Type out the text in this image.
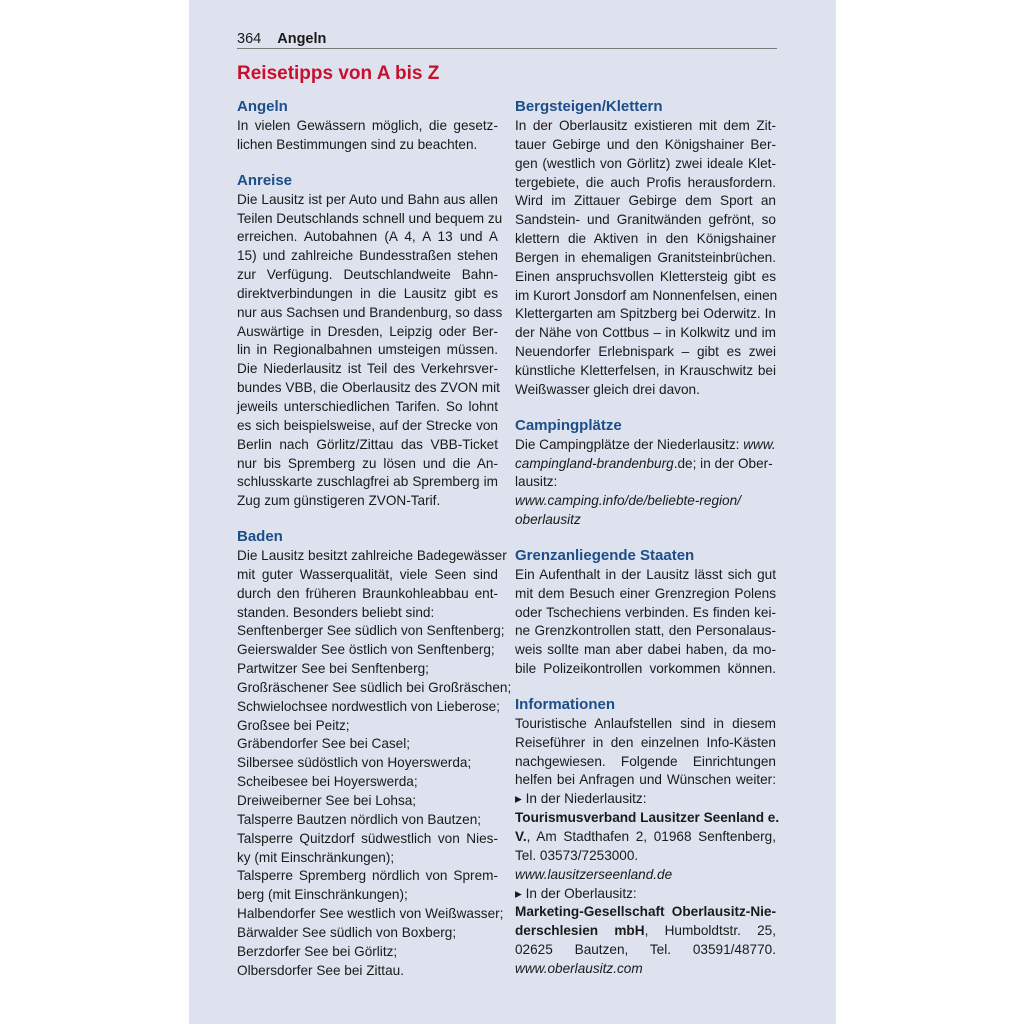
364 Angeln
Reisetipps von A bis Z
Angeln
In vielen Gewässern möglich, die gesetz-
lichen Bestimmungen sind zu beachten.
Anreise
Die Lausitz ist per Auto und Bahn aus allen
Teilen Deutschlands schnell und bequem zu
erreichen. Autobahnen (A 4, A 13 und A
15) und zahlreiche Bundesstraßen stehen
zur Verfügung. Deutschlandweite Bahn-
direktverbindungen in die Lausitz gibt es
nur aus Sachsen und Brandenburg, so dass
Auswärtige in Dresden, Leipzig oder Ber-
lin in Regionalbahnen umsteigen müssen.
Die Niederlausitz ist Teil des Verkehrsver-
bundes VBB, die Oberlausitz des ZVON mit
jeweils unterschiedlichen Tarifen. So lohnt
es sich beispielsweise, auf der Strecke von
Berlin nach Görlitz/Zittau das VBB-Ticket
nur bis Spremberg zu lösen und die An-
schlusskarte zuschlagfrei ab Spremberg im
Zug zum günstigeren ZVON-Tarif.
Baden
Die Lausitz besitzt zahlreiche Badegewässer
mit guter Wasserqualität, viele Seen sind
durch den früheren Braunkohleabbau ent-
standen. Besonders beliebt sind:
Senftenberger See südlich von Senftenberg;
Geierswalder See östlich von Senftenberg;
Partwitzer See bei Senftenberg;
Großräschener See südlich bei Großräschen;
Schwielochsee nordwestlich von Lieberose;
Großsee bei Peitz;
Gräbendorfer See bei Casel;
Silbersee südöstlich von Hoyerswerda;
Scheibesee bei Hoyerswerda;
Dreiweiberner See bei Lohsa;
Talsperre Bautzen nördlich von Bautzen;
Talsperre Quitzdorf südwestlich von Nies-
ky (mit Einschränkungen);
Talsperre Spremberg nördlich von Sprem-
berg (mit Einschränkungen);
Halbendorfer See westlich von Weißwasser;
Bärwalder See südlich von Boxberg;
Berzdorfer See bei Görlitz;
Olbersdorfer See bei Zittau.
Bergsteigen/Klettern
In der Oberlausitz existieren mit dem Zit-
tauer Gebirge und den Königshainer Ber-
gen (westlich von Görlitz) zwei ideale Klet-
tergebiete, die auch Profis herausfordern.
Wird im Zittauer Gebirge dem Sport an
Sandstein- und Granitwänden gefrönt, so
klettern die Aktiven in den Königshainer
Bergen in ehemaligen Granitsteinbrüchen.
Einen anspruchsvollen Klettersteig gibt es
im Kurort Jonsdorf am Nonnenfelsen, einen
Klettergarten am Spitzberg bei Oderwitz. In
der Nähe von Cottbus – in Kolkwitz und im
Neuendorfer Erlebnispark – gibt es zwei
künstliche Kletterfelsen, in Krauschwitz bei
Weißwasser gleich drei davon.
Campingplätze
Die Campingplätze der Niederlausitz: www.
campingland-brandenburg.de; in der Ober-
lausitz:
www.camping.info/de/beliebte-region/
oberlausitz
Grenzanliegende Staaten
Ein Aufenthalt in der Lausitz lässt sich gut
mit dem Besuch einer Grenzregion Polens
oder Tschechiens verbinden. Es finden kei-
ne Grenzkontrollen statt, den Personalaus-
weis sollte man aber dabei haben, da mo-
bile Polizeikontrollen vorkommen können.
Informationen
Touristische Anlaufstellen sind in diesem
Reiseführer in den einzelnen Info-Kästen
nachgewiesen. Folgende Einrichtungen
helfen bei Anfragen und Wünschen weiter:
▸ In der Niederlausitz:
Tourismusverband Lausitzer Seenland e.
V., Am Stadthafen 2, 01968 Senftenberg,
Tel. 03573/7253000.
www.lausitzerseenland.de
▸ In der Oberlausitz:
Marketing-Gesellschaft Oberlausitz-Nie-
derschlesien mbH, Humboldtstr. 25,
02625 Bautzen, Tel. 03591/48770.
www.oberlausitz.com
